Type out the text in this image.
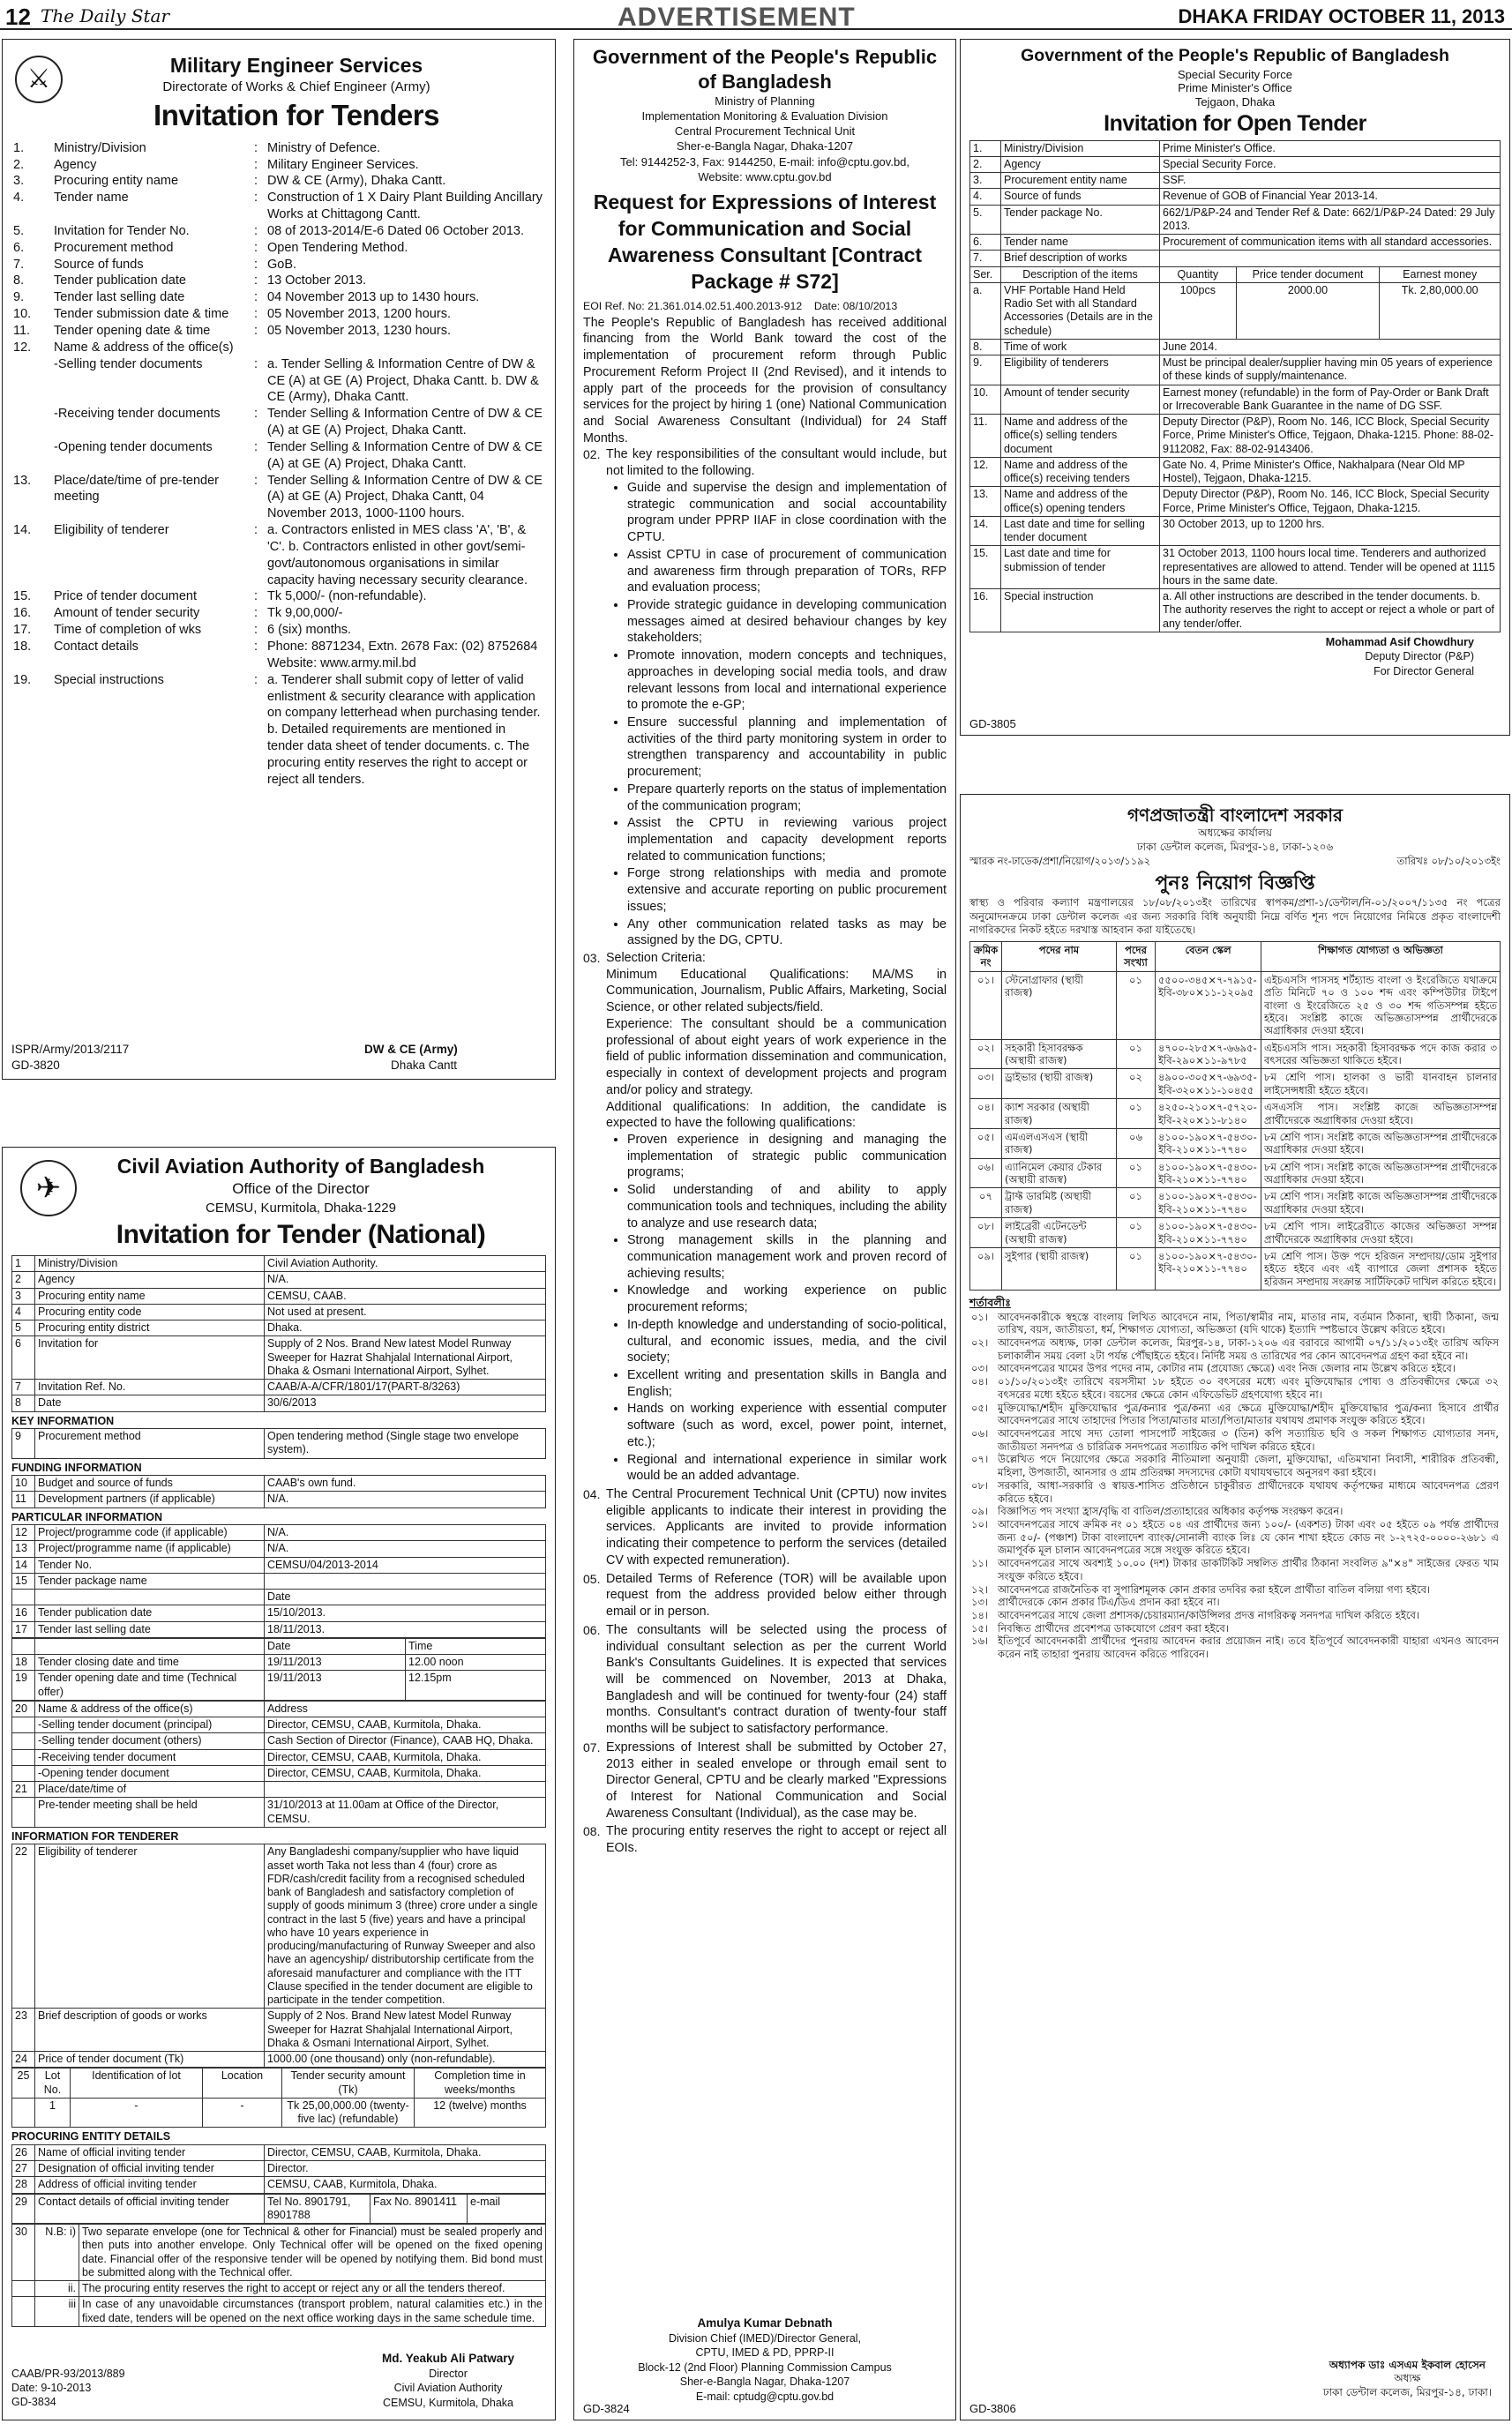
12 The Daily Star	ADVERTISEMENT	DHAKA FRIDAY OCTOBER 11, 2013
⚔	Military Engineer Services
Directorate of Works & Chief Engineer (Army)
Invitation for Tenders
1.	Ministry/Division	:	Ministry of Defence.
2.	Agency	:	Military Engineer Services.
3.	Procuring entity name	:	DW & CE (Army), Dhaka Cantt.
4.	Tender name	:	Construction of 1 X Dairy Plant Building Ancillary Works at Chittagong Cantt.
5.	Invitation for Tender No.	:	08 of 2013-2014/E-6 Dated 06 October 2013.
6.	Procurement method	:	Open Tendering Method.
7.	Source of funds	:	GoB.
8.	Tender publication date	:	13 October 2013.
9.	Tender last selling date	:	04 November 2013 up to 1430 hours.
10.	Tender submission date & time	:	05 November 2013, 1200 hours.
11.	Tender opening date & time	:	05 November 2013, 1230 hours.
12.	Name & address of the office(s)		
	-Selling tender documents	:	a. Tender Selling & Information Centre of DW & CE (A) at GE (A) Project, Dhaka Cantt. b. DW & CE (Army), Dhaka Cantt.
	-Receiving tender documents	:	Tender Selling & Information Centre of DW & CE (A) at GE (A) Project, Dhaka Cantt.
	-Opening tender documents	:	Tender Selling & Information Centre of DW & CE (A) at GE (A) Project, Dhaka Cantt.
13.	Place/date/time of pre-tender meeting	:	Tender Selling & Information Centre of DW & CE (A) at GE (A) Project, Dhaka Cantt, 04 November 2013, 1000-1100 hours.
14.	Eligibility of tenderer	:	a. Contractors enlisted in MES class 'A', 'B', & 'C'. b. Contractors enlisted in other govt/semi-govt/autonomous organisations in similar capacity having necessary security clearance.
15.	Price of tender document	:	Tk 5,000/- (non-refundable).
16.	Amount of tender security	:	Tk 9,00,000/-
17.	Time of completion of wks	:	6 (six) months.
18.	Contact details	:	Phone: 8871234, Extn. 2678 Fax: (02) 8752684 Website: www.army.mil.bd
19.	Special instructions	:	a. Tenderer shall submit copy of letter of valid enlistment & security clearance with application on company letterhead when purchasing tender. b. Detailed requirements are mentioned in tender data sheet of tender documents. c. The procuring entity reserves the right to accept or reject all tenders.
ISPR/Army/2013/2117	DW & CE (Army)
GD-3820	Dhaka Cantt
✈
Civil Aviation Authority of Bangladesh
Office of the Director
CEMSU, Kurmitola, Dhaka-1229
Invitation for Tender (National)
1	Ministry/Division	Civil Aviation Authority.
2	Agency	N/A.
3	Procuring entity name	CEMSU, CAAB.
4	Procuring entity code	Not used at present.
5	Procuring entity district	Dhaka.
6	Invitation for	Supply of 2 Nos. Brand New latest Model Runway Sweeper for Hazrat Shahjalal International Airport, Dhaka & Osmani International Airport, Sylhet.
7	Invitation Ref. No.	CAAB/A-A/CFR/1801/17(PART-8/3263)
8	Date	30/6/2013
KEY INFORMATION
9	Procurement method	Open tendering method (Single stage two envelope system).
FUNDING INFORMATION
10	Budget and source of funds	CAAB's own fund.
11	Development partners (if applicable)	N/A.
PARTICULAR INFORMATION
12	Project/programme code (if applicable)	N/A.
13	Project/programme name (if applicable)	N/A.
14	Tender No.	CEMSU/04/2013-2014
15	Tender package name	
		Date
16	Tender publication date	15/10/2013.
17	Tender last selling date	18/11/2013.
		Date	Time
18	Tender closing date and time	19/11/2013	12.00 noon
19	Tender opening date and time (Technical offer)	19/11/2013	12.15pm
20	Name & address of the office(s)	Address
	-Selling tender document (principal)	Director, CEMSU, CAAB, Kurmitola, Dhaka.
	-Selling tender document (others)	Cash Section of Director (Finance), CAAB HQ, Dhaka.
	-Receiving tender document	Director, CEMSU, CAAB, Kurmitola, Dhaka.
	-Opening tender document	Director, CEMSU, CAAB, Kurmitola, Dhaka.
21	Place/date/time of	
	Pre-tender meeting shall be held	31/10/2013 at 11.00am at Office of the Director, CEMSU.
INFORMATION FOR TENDERER
22	Eligibility of tenderer	Any Bangladeshi company/supplier who have liquid asset worth Taka not less than 4 (four) crore as FDR/cash/credit facility from a recognised scheduled bank of Bangladesh and satisfactory completion of supply of goods minimum 3 (three) crore under a single contract in the last 5 (five) years and have a principal who have 10 years experience in producing/manufacturing of Runway Sweeper and also have an agencyship/ distributorship certificate from the aforesaid manufacturer and compliance with the ITT Clause specified in the tender document are eligible to participate in the tender competition.
23	Brief description of goods or works	Supply of 2 Nos. Brand New latest Model Runway Sweeper for Hazrat Shahjalal International Airport, Dhaka & Osmani International Airport, Sylhet.
24	Price of tender document (Tk)	1000.00 (one thousand) only (non-refundable).
25	Lot No.	Identification of lot	Location	Tender security amount (Tk)	Completion time in weeks/months
	1	-	-	Tk 25,00,000.00 (twenty-five lac) (refundable)	12 (twelve) months
PROCURING ENTITY DETAILS
26	Name of official inviting tender	Director, CEMSU, CAAB, Kurmitola, Dhaka.
27	Designation of official inviting tender	Director.
28	Address of official inviting tender	CEMSU, CAAB, Kurmitola, Dhaka.
29	Contact details of official inviting tender	Tel No. 8901791, 8901788	Fax No. 8901411	e-mail
30	N.B: i)	Two separate envelope (one for Technical & other for Financial) must be sealed properly and then puts into another envelope. Only Technical offer will be opened on the fixed opening date. Financial offer of the responsive tender will be opened by notifying them. Bid bond must be submitted along with the Technical offer.
	ii.	The procuring entity reserves the right to accept or reject any or all the tenders thereof.
	iii	In case of any unavoidable circumstances (transport problem, natural calamities etc.) in the fixed date, tenders will be opened on the next office working days in the same schedule time.
CAAB/PR-93/2013/889
Date: 9-10-2013
GD-3834
Md. Yeakub Ali Patwary
Director
Civil Aviation Authority
CEMSU, Kurmitola, Dhaka
Government of the People's Republic of Bangladesh
Ministry of Planning
Implementation Monitoring & Evaluation Division
Central Procurement Technical Unit
Sher-e-Bangla Nagar, Dhaka-1207
Tel: 9144252-3, Fax: 9144250, E-mail: info@cptu.gov.bd,
Website: www.cptu.gov.bd
Request for Expressions of Interest for Communication and Social Awareness Consultant [Contract Package # S72]
EOI Ref. No: 21.361.014.02.51.400.2013-912    Date: 08/10/2013

The People's Republic of Bangladesh has received additional financing from the World Bank toward the cost of the implementation of procurement reform through Public Procurement Reform Project II (2nd Revised), and it intends to apply part of the proceeds for the provision of consultancy services for the project by hiring 1 (one) National Communication and Social Awareness Consultant (Individual) for 24 Staff Months.

02. The key responsibilities of the consultant would include, but not limited to the following.

• Guide and supervise the design and implementation of strategic communication and social accountability program under PPRP IIAF in close coordination with the CPTU.
• Assist CPTU in case of procurement of communication and awareness firm through preparation of TORs, RFP and evaluation process;
• Provide strategic guidance in developing communication messages aimed at desired behaviour changes by key stakeholders;
• Promote innovation, modern concepts and techniques, approaches in developing social media tools, and draw relevant lessons from local and international experience to promote the e-GP;
• Ensure successful planning and implementation of activities of the third party monitoring system in order to strengthen transparency and accountability in public procurement;
• Prepare quarterly reports on the status of implementation of the communication program;
• Assist the CPTU in reviewing various project implementation and capacity development reports related to communication functions;
• Forge strong relationships with media and promote extensive and accurate reporting on public procurement issues;
• Any other communication related tasks as may be assigned by the DG, CPTU.
03. Selection Criteria:

Minimum Educational Qualifications: MA/MS in Communication, Journalism, Public Affairs, Marketing, Social Science, or other related subjects/field.

Experience: The consultant should be a communication professional of about eight years of work experience in the field of public information dissemination and communication, especially in context of development projects and program and/or policy and strategy.

Additional qualifications: In addition, the candidate is expected to have the following qualifications:

• Proven experience in designing and managing the implementation of strategic public communication programs;
• Solid understanding of and ability to apply communication tools and techniques, including the ability to analyze and use research data;
• Strong management skills in the planning and communication management work and proven record of achieving results;
• Knowledge and working experience on public procurement reforms;
• In-depth knowledge and understanding of socio-political, cultural, and economic issues, media, and the civil society;
• Excellent writing and presentation skills in Bangla and English;
• Hands on working experience with essential computer software (such as word, excel, power point, internet, etc.);
• Regional and international experience in similar work would be an added advantage.
04. The Central Procurement Technical Unit (CPTU) now invites eligible applicants to indicate their interest in providing the services. Applicants are invited to provide information indicating their competence to perform the services (detailed CV with expected remuneration).

05. Detailed Terms of Reference (TOR) will be available upon request from the address provided below either through email or in person.

06. The consultants will be selected using the process of individual consultant selection as per the current World Bank's Consultants Guidelines. It is expected that services will be commenced on November, 2013 at Dhaka, Bangladesh and will be continued for twenty-four (24) staff months. Consultant's contract duration of twenty-four staff months will be subject to satisfactory performance.

07. Expressions of Interest shall be submitted by October 27, 2013 either in sealed envelope or through email sent to Director General, CPTU and be clearly marked "Expressions of Interest for National Communication and Social Awareness Consultant (Individual), as the case may be.

08. The procuring entity reserves the right to accept or reject all EOIs.

Amulya Kumar Debnath
Division Chief (IMED)/Director General,
CPTU, IMED & PD, PPRP-II
Block-12 (2nd Floor) Planning Commission Campus
Sher-e-Bangla Nagar, Dhaka-1207
E-mail: cptudg@cptu.gov.bd
GD-3824
Government of the People's Republic of Bangladesh
Special Security Force
Prime Minister's Office
Tejgaon, Dhaka
Invitation for Open Tender
1.	Ministry/Division	Prime Minister's Office.		
2.	Agency	Special Security Force.		
3.	Procurement entity name	SSF.		
4.	Source of funds	Revenue of GOB of Financial Year 2013-14.		
5.	Tender package No.	662/1/P&P-24 and Tender Ref & Date: 662/1/P&P-24 Dated: 29 July 2013.		
6.	Tender name	Procurement of communication items with all standard accessories.		
7.	Brief description of works			
Ser.	Description of the items	Quantity	Price tender document	Earnest money
a.	VHF Portable Hand Held Radio Set with all Standard Accessories (Details are in the schedule)	100pcs	2000.00	Tk. 2,80,000.00
8.	Time of work	June 2014.		
9.	Eligibility of tenderers	Must be principal dealer/supplier having min 05 years of experience of these kinds of supply/maintenance.		
10.	Amount of tender security	Earnest money (refundable) in the form of Pay-Order or Bank Draft or Irrecoverable Bank Guarantee in the name of DG SSF.		
11.	Name and address of the office(s) selling tenders document	Deputy Director (P&P), Room No. 146, ICC Block, Special Security Force, Prime Minister's Office, Tejgaon, Dhaka-1215. Phone: 88-02-9112082, Fax: 88-02-9143406.		
12.	Name and address of the office(s) receiving tenders	Gate No. 4, Prime Minister's Office, Nakhalpara (Near Old MP Hostel), Tejgaon, Dhaka-1215.		
13.	Name and address of the office(s) opening tenders	Deputy Director (P&P), Room No. 146, ICC Block, Special Security Force, Prime Minister's Office, Tejgaon, Dhaka-1215.		
14.	Last date and time for selling tender document	30 October 2013, up to 1200 hrs.		
15.	Last date and time for submission of tender	31 October 2013, 1100 hours local time. Tenderers and authorized representatives are allowed to attend. Tender will be opened at 1115 hours in the same date.		
16.	Special instruction	a. All other instructions are described in the tender documents. b. The authority reserves the right to accept or reject a whole or part of any tender/offer.		
Mohammad Asif Chowdhury
Deputy Director (P&P)
For Director General
GD-3805
গণপ্রজাতন্ত্রী বাংলাদেশ সরকার
অধ্যক্ষের কার্যালয়
ঢাকা ডেন্টাল কলেজ, মিরপুর-১৪, ঢাকা-১২০৬
স্মারক নং-ঢাডেক/প্রশা/নিয়োগ/২০১৩/১১৯২	তারিখঃ ০৮/১০/২০১৩ইং
পুনঃ নিয়োগ বিজ্ঞপ্তি
স্বাস্থ্য ও পরিবার কল্যাণ মন্ত্রণালয়ের ১৮/০৮/২০১৩ইং তারিখের স্বাপকম/প্রশা-১/ডেন্টাল/নি-০১/২০০৭/১১৩৫ নং পত্রের অনুমোদনক্রমে ঢাকা ডেন্টাল কলেজ এর জন্য সরকারি বিধি অনুযায়ী নিম্নে বর্ণিত শূন্য পদে নিয়োগের নিমিত্তে প্রকৃত বাংলাদেশী নাগরিকদের নিকট হইতে দরখাস্ত আহবান করা যাইতেছে।
ক্রমিক নং	পদের নাম	পদের সংখ্যা	বেতন স্কেল	শিক্ষাগত যোগ্যতা ও অভিজ্ঞতা
০১।	স্টেনোগ্রাফার (স্থায়ী রাজস্ব)	০১	৫৫০০-৩৪৫×৭-৭৯১৫-ইবি-৩৮০×১১-১২০৯৫	এইচএসসি পাসসহ শর্টহ্যান্ড বাংলা ও ইংরেজিতে যথাক্রমে প্রতি মিনিটে ৭০ ও ১০০ শব্দ এবং কম্পিউটার টাইপে বাংলা ও ইংরেজিতে ২৫ ও ৩০ শব্দ গতিসম্পন্ন হইতে হইবে। সংশ্লিষ্ট কাজে অভিজ্ঞতাসম্পন্ন প্রার্থীদেরকে অগ্রাধিকার দেওয়া হইবে।
০২।	সহকারী হিসাবরক্ষক (অস্থায়ী রাজস্ব)	০১	৪৭০০-২৮৫×৭-৬৬৯৫-ইবি-২৯০×১১-৯৭৮৫	এইচএসসি পাস। সহকারী হিসাবরক্ষক পদে কাজ করার ৩ বৎসরের অভিজ্ঞতা থাকিতে হইবে।
০৩।	ড্রাইভার (স্থায়ী রাজস্ব)	০২	৪৯০০-৩০৫×৭-৬৯৩৫-ইবি-৩২০×১১-১০৪৫৫	৮ম শ্রেণি পাস। হালকা ও ভারী যানবাহন চালনার লাইসেন্সধারী হইতে হইবে।
০৪।	ক্যাশ সরকার (অস্থায়ী রাজস্ব)	০১	৪২৫০-২১০×৭-৫৭২০-ইবি-২২০×১১-৮১৪০	এসএসসি পাস। সংশ্লিষ্ট কাজে অভিজ্ঞতাসম্পন্ন প্রার্থীদেরকে অগ্রাধিকার দেওয়া হইবে।
০৫।	এমএলএসএস (স্থায়ী রাজস্ব)	০৬	৪১০০-১৯০×৭-৫৪৩০-ইবি-২১০×১১-৭৭৪০	৮ম শ্রেণি পাস। সংশ্লিষ্ট কাজে অভিজ্ঞতাসম্পন্ন প্রার্থীদেরকে অগ্রাধিকার দেওয়া হইবে।
০৬।	এ্যানিমেল কেয়ার টেকার (অস্থায়ী রাজস্ব)	০১	৪১০০-১৯০×৭-৫৪৩০-ইবি-২১০×১১-৭৭৪০	৮ম শ্রেণি পাস। সংশ্লিষ্ট কাজে অভিজ্ঞতাসম্পন্ন প্রার্থীদেরকে অগ্রাধিকার দেওয়া হইবে।
০৭	ট্রাফ্ট ডারমিষ্ট (অস্থায়ী রাজস্ব)	০১	৪১০০-১৯০×৭-৫৪৩০-ইবি-২১০×১১-৭৭৪০	৮ম শ্রেণি পাস। সংশ্লিষ্ট কাজে অভিজ্ঞতাসম্পন্ন প্রার্থীদেরকে অগ্রাধিকার দেওয়া হইবে।
০৮।	লাইব্রেরী এটেনডেন্ট (অস্থায়ী রাজস্ব)	০১	৪১০০-১৯০×৭-৫৪৩০-ইবি-২১০×১১-৭৭৪০	৮ম শ্রেণি পাস। লাইব্রেরীতে কাজের অভিজ্ঞতা সম্পন্ন প্রার্থীদেরকে অগ্রাধিকার দেওয়া হইবে।
০৯।	সুইপার (স্থায়ী রাজস্ব)	০১	৪১০০-১৯০×৭-৫৪৩০-ইবি-২১০×১১-৭৭৪০	৮ম শ্রেণি পাস। উক্ত পদে হরিজন সম্প্রদায়/ডোম সুইপার হইতে হইবে এবং এই ব্যাপারে জেলা প্রশাসক হইতে হরিজন সম্প্রদায় সংক্রান্ত সার্টিফিকেট দাখিল করিতে হইবে।
শর্তাবলীঃ
০১।	আবেদনকারীকে স্বহস্তে বাংলায় লিখিত আবেদনে নাম, পিতা/স্বামীর নাম, মাতার নাম, বর্তমান ঠিকানা, স্থায়ী ঠিকানা, জন্ম তারিখ, বয়স, জাতীয়তা, ধর্ম, শিক্ষাগত যোগ্যতা, অভিজ্ঞতা (যদি থাকে) ইত্যাদি স্পষ্টভাবে উল্লেখ করিতে হইবে।
০২।	আবেদনপত্র অধ্যক্ষ, ঢাকা ডেন্টাল কলেজ, মিরপুর-১৪, ঢাকা-১২০৬ এর বরাবরে আগামী ০৭/১১/২০১৩ইং তারিখ অফিস চলাকালীন সময় বেলা ২টা পর্যন্ত পৌঁছাইতে হইবে। নির্দিষ্ট সময় ও তারিখের পর কোন আবেদনপত্র গ্রহণ করা হইবে না।
০৩।	আবেদনপত্রের খামের উপর পদের নাম, কোটার নাম (প্রযোজ্য ক্ষেত্রে) এবং নিজ জেলার নাম উল্লেখ করিতে হইবে।
০৪।	০১/১০/২০১৩ইং তারিখে বয়সসীমা ১৮ হইতে ৩০ বৎসরের মধ্যে এবং মুক্তিযোদ্ধার পোষ্য ও প্রতিবন্ধীদের ক্ষেত্রে ৩২ বৎসরের মধ্যে হইতে হইবে। বয়সের ক্ষেত্রে কোন এফিডেভিট গ্রহণযোগ্য হইবে না।
০৫।	মুক্তিযোদ্ধা/শহীদ মুক্তিযোদ্ধার পুত্র/কন্যার পুত্র/কন্যা এর ক্ষেত্রে মুক্তিযোদ্ধা/শহীদ মুক্তিযোদ্ধার পুত্র/কন্যা হিসাবে প্রার্থীর আবেদনপত্রের সাথে তাহাদের পিতার পিতা/মাতার মাতা/পিতা/মাতার যথাযথ প্রমাণক সংযুক্ত করিতে হইবে।
০৬।	আবেদনপত্রের সাথে সদ্য তোলা পাসপোর্ট সাইজের ৩ (তিন) কপি সত্যায়িত ছবি ও সকল শিক্ষাগত যোগ্যতার সনদ, জাতীয়তা সনদপত্র ও চারিত্রিক সনদপত্রের সত্যায়িত কপি দাখিল করিতে হইবে।
০৭।	উল্লেখিত পদে নিয়োগের ক্ষেত্রে সরকারি নীতিমালা অনুযায়ী জেলা, মুক্তিযোদ্ধা, এতিমখানা নিবাসী, শারীরিক প্রতিবন্ধী, মহিলা, উপজাতী, আনসার ও গ্রাম প্রতিরক্ষা সদস্যদের কোটা যথাযথভাবে অনুসরণ করা হইবে।
০৮।	সরকারি, আধা-সরকারি ও স্বায়ত্ত-শাসিত প্রতিষ্ঠানে চাকুরীরত প্রার্থীদেরকে যথাযথ কর্তৃপক্ষের মাধ্যমে আবেদনপত্র প্রেরণ করিতে হইবে।
০৯।	বিজ্ঞাপিত পদ সংখ্যা হ্রাস/বৃদ্ধি বা বাতিল/প্রত্যাহারের অধিকার কর্তৃপক্ষ সংরক্ষণ করেন।
১০।	আবেদনপত্রের সাথে ক্রমিক নং ০১ হইতে ০৪ এর প্রার্থীদের জন্য ১০০/- (একশত) টাকা এবং ০৫ হইতে ০৯ পর্যন্ত প্রার্থীদের জন্য ৫০/- (পঞ্চাশ) টাকা বাংলাদেশ ব্যাংক/সোনালী ব্যাংক লিঃ যে কোন শাখা হইতে কোড নং ১-২৭২৫-০০০০-২৬৮১ এ জমাপূর্বক মূল চালান আবেদনপত্রের সঙ্গে সংযুক্ত করিতে হইবে।
১১।	আবেদনপত্রের সাথে অবশ্যই ১০.০০ (দশ) টাকার ডাকটিকিট সম্বলিত প্রার্থীর ঠিকানা সংবলিত ৯"×৪" সাইজের ফেরত খাম সংযুক্ত করিতে হইবে।
১২।	আবেদনপত্রে রাজনৈতিক বা সুপারিশমূলক কোন প্রকার তদবির করা হইলে প্রার্থীতা বাতিল বলিয়া গণ্য হইবে।
১৩।	প্রার্থীদেরকে কোন প্রকার টিএ/ডিএ প্রদান করা হইবে না।
১৪।	আবেদনপত্রের সাথে জেলা প্রশাসক/চেয়ারম্যান/কাউন্সিলর প্রদত্ত নাগরিকত্ব সনদপত্র দাখিল করিতে হইবে।
১৫।	নিবন্ধিত প্রার্থীদের প্রবেশপত্র ডাকযোগে প্রেরণ করা হইবে।
১৬।	ইতিপূর্বে আবেদনকারী প্রার্থীদের পুনরায় আবেদন করার প্রয়োজন নাই। তবে ইতিপূর্বে আবেদনকারী যাহারা এখনও আবেদন করেন নাই তাহারা পুনরায় আবেদন করিতে পারিবেন।
অধ্যাপক ডাঃ এসএম ইকবাল হোসেন
অধ্যক্ষ
ঢাকা ডেন্টাল কলেজ, মিরপুর-১৪, ঢাকা।
GD-3806
